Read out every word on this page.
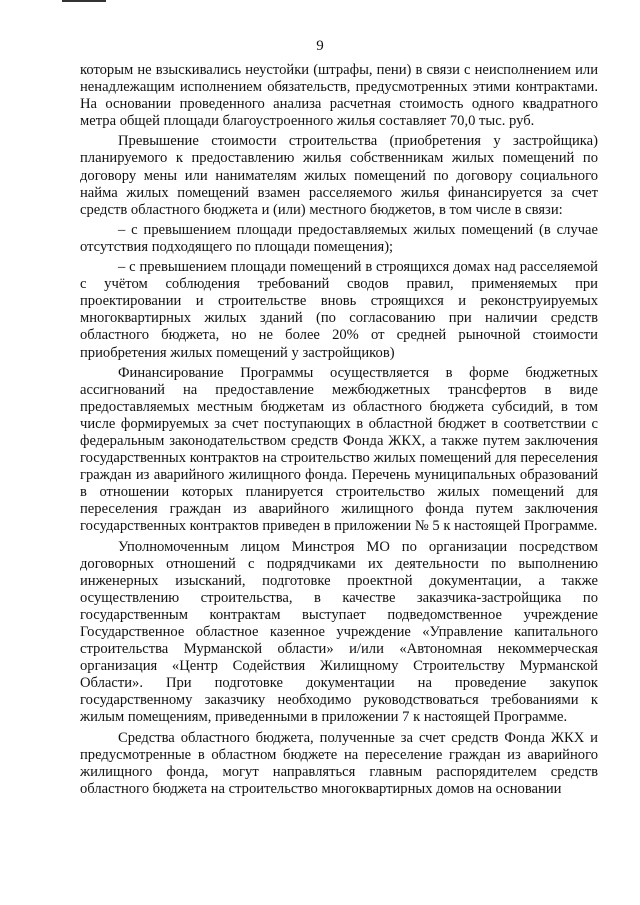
9

которым не взыскивались неустойки (штрафы, пени) в связи с неисполнением или ненадлежащим исполнением обязательств, предусмотренных этими контрактами. На основании проведенного анализа расчетная стоимость одного квадратного метра общей площади благоустроенного жилья составляет 70,0 тыс. руб.

Превышение стоимости строительства (приобретения у застройщика) планируемого к предоставлению жилья собственникам жилых помещений по договору мены или нанимателям жилых помещений по договору социального найма жилых помещений взамен расселяемого жилья финансируется за счет средств областного бюджета и (или) местного бюджетов, в том числе в связи:

– с превышением площади предоставляемых жилых помещений (в случае отсутствия подходящего по площади помещения);

– с превышением площади помещений в строящихся домах над расселяемой с учётом соблюдения требований сводов правил, применяемых при проектировании и строительстве вновь строящихся и реконструируемых многоквартирных жилых зданий (по согласованию при наличии средств областного бюджета, но не более 20% от средней рыночной стоимости приобретения жилых помещений у застройщиков)

Финансирование Программы осуществляется в форме бюджетных ассигнований на предоставление межбюджетных трансфертов в виде предоставляемых местным бюджетам из областного бюджета субсидий, в том числе формируемых за счет поступающих в областной бюджет в соответствии с федеральным законодательством средств Фонда ЖКХ, а также путем заключения государственных контрактов на строительство жилых помещений для переселения граждан из аварийного жилищного фонда. Перечень муниципальных образований в отношении которых планируется строительство жилых помещений для переселения граждан из аварийного жилищного фонда путем заключения государственных контрактов приведен в приложении № 5 к настоящей Программе.

Уполномоченным лицом Минстроя МО по организации посредством договорных отношений с подрядчиками их деятельности по выполнению инженерных изысканий, подготовке проектной документации, а также осуществлению строительства, в качестве заказчика-застройщика по государственным контрактам выступает подведомственное учреждение Государственное областное казенное учреждение «Управление капитального строительства Мурманской области» и/или «Автономная некоммерческая организация «Центр Содействия Жилищному Строительству Мурманской Области». При подготовке документации на проведение закупок государственному заказчику необходимо руководствоваться требованиями к жилым помещениям, приведенными в приложении 7 к настоящей Программе.

Средства областного бюджета, полученные за счет средств Фонда ЖКХ и предусмотренные в областном бюджете на переселение граждан из аварийного жилищного фонда, могут направляться главным распорядителем средств областного бюджета на строительство многоквартирных домов на основании
